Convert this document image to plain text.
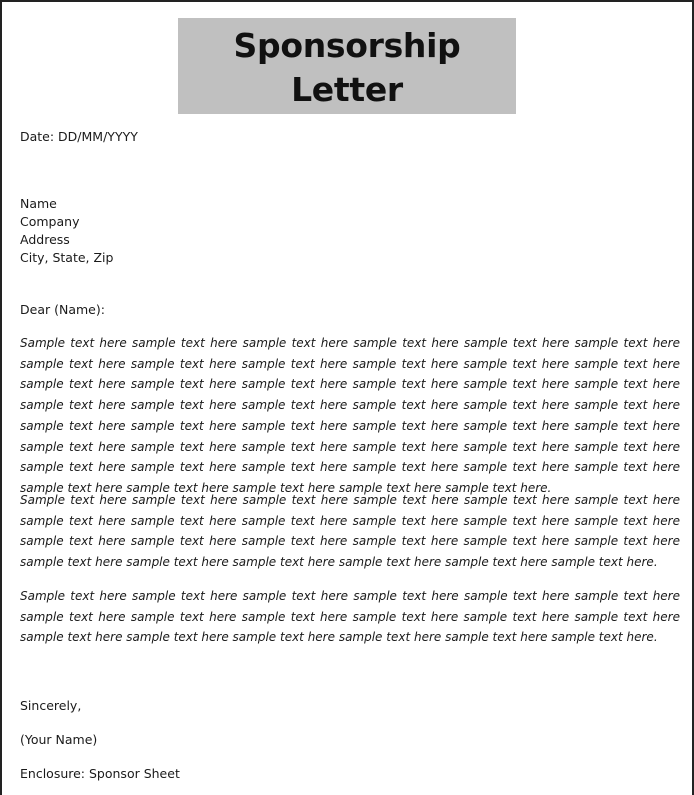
Sponsorship Letter
Date: DD/MM/YYYY
Name
Company
Address
City, State, Zip
Dear (Name):

Sample text here sample text here sample text here sample text here sample text here sample text here sample text here sample text here sample text here sample text here sample text here sample text here sample text here sample text here sample text here sample text here sample text here sample text here sample text here sample text here sample text here sample text here sample text here sample text here sample text here sample text here sample text here sample text here sample text here sample text here sample text here sample text here sample text here sample text here sample text here sample text here sample text here sample text here sample text here sample text here sample text here sample text here sample text here sample text here sample text here sample text here sample text here.

Sample text here sample text here sample text here sample text here sample text here sample text here sample text here sample text here sample text here sample text here sample text here sample text here sample text here sample text here sample text here sample text here sample text here sample text here sample text here sample text here sample text here sample text here sample text here sample text here.

Sample text here sample text here sample text here sample text here sample text here sample text here sample text here sample text here sample text here sample text here sample text here sample text here sample text here sample text here sample text here sample text here sample text here sample text here.

Sincerely,
(Your Name)
Enclosure: Sponsor Sheet
